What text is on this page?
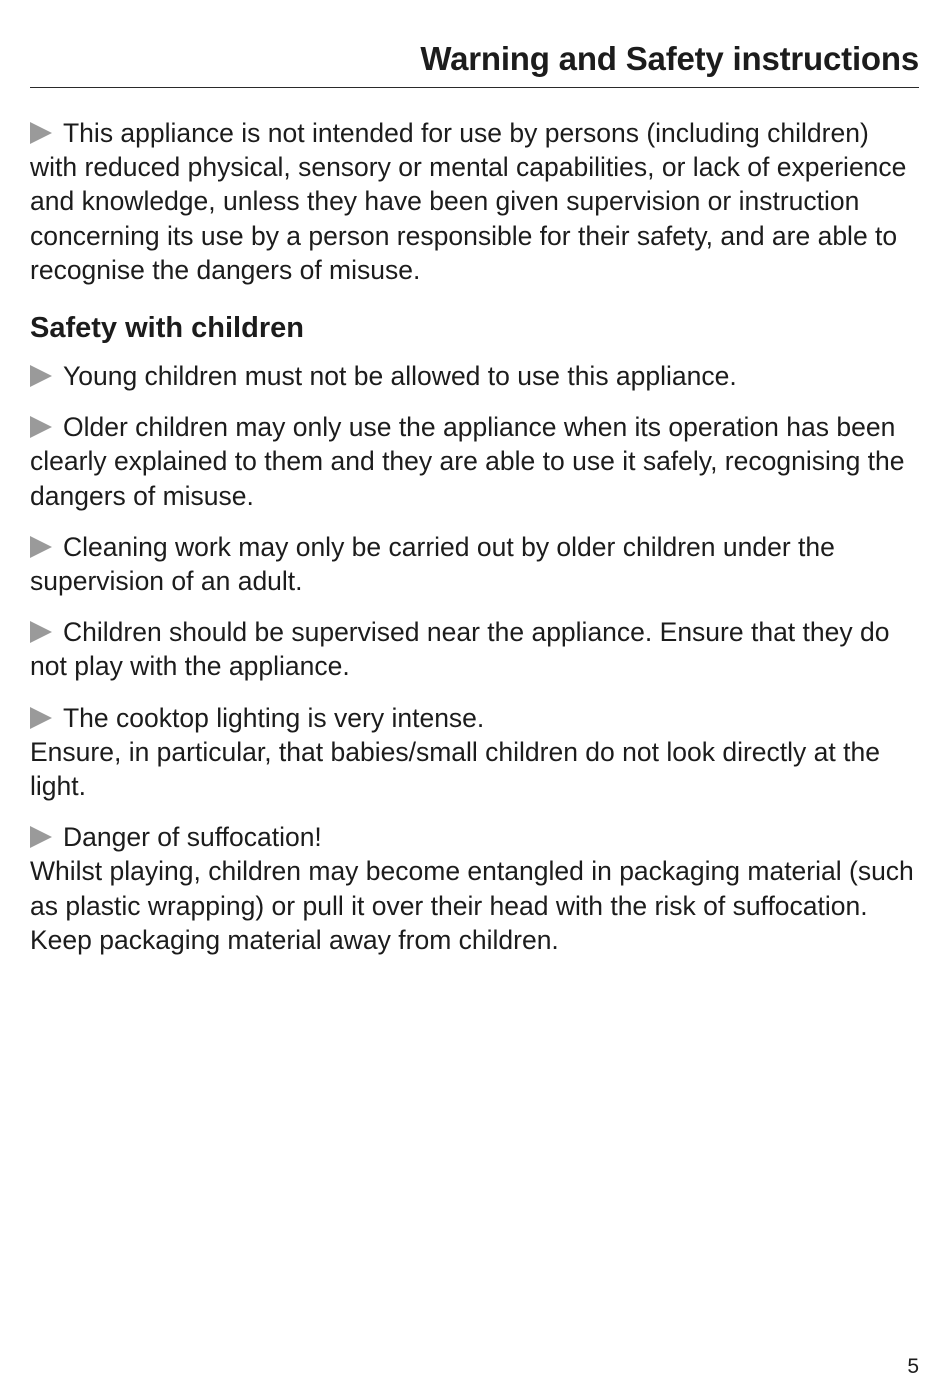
Warning and Safety instructions

This appliance is not intended for use by persons (including children) with reduced physical, sensory or mental capabilities, or lack of experience and knowledge, unless they have been given supervision or instruction concerning its use by a person responsible for their safety, and are able to recognise the dangers of misuse.

Safety with children

Young children must not be allowed to use this appliance.

Older children may only use the appliance when its operation has been clearly explained to them and they are able to use it safely, recognising the dangers of misuse.

Cleaning work may only be carried out by older children under the supervision of an adult.

Children should be supervised near the appliance. Ensure that they do not play with the appliance.

The cooktop lighting is very intense.
Ensure, in particular, that babies/small children do not look directly at the light.

Danger of suffocation!
Whilst playing, children may become entangled in packaging material (such as plastic wrapping) or pull it over their head with the risk of suffocation. Keep packaging material away from children.

5
